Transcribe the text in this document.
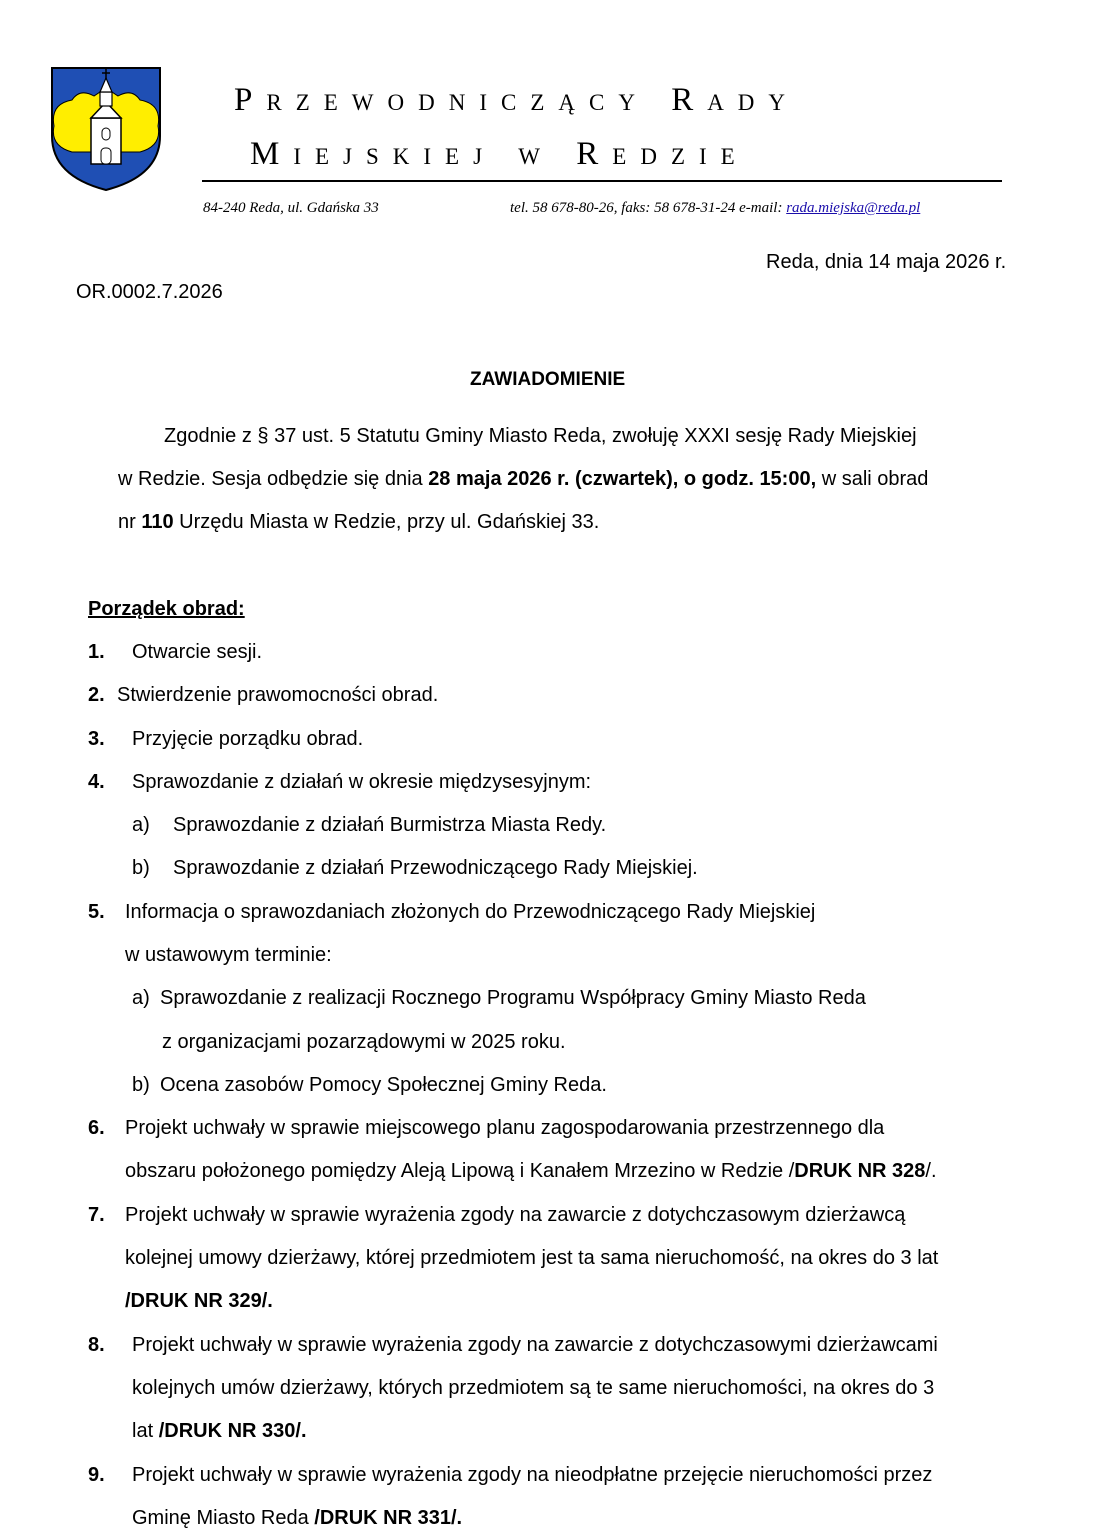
Przewodniczący Rady
Miejskiej w Redzie
84-240 Reda, ul. Gdańska 33	tel. 58 678-80-26, faks: 58 678-31-24 e-mail: rada.miejska@reda.pl
Reda, dnia 14 maja 2026 r.
OR.0002.7.2026
ZAWIADOMIENIE
Zgodnie z § 37 ust. 5 Statutu Gminy Miasto Reda, zwołuję XXXI sesję Rady Miejskiej
w Redzie. Sesja odbędzie się dnia 28 maja 2026 r. (czwartek), o godz. 15:00, w sali obrad
nr 110 Urzędu Miasta w Redzie, przy ul. Gdańskiej 33.
Porządek obrad:
1. Otwarcie sesji.
2. Stwierdzenie prawomocności obrad.
3. Przyjęcie porządku obrad.
4. Sprawozdanie z działań w okresie międzysesyjnym:
a) Sprawozdanie z działań Burmistrza Miasta Redy.
b) Sprawozdanie z działań Przewodniczącego Rady Miejskiej.
5. Informacja o sprawozdaniach złożonych do Przewodniczącego Rady Miejskiej
w ustawowym terminie:
a) Sprawozdanie z realizacji Rocznego Programu Współpracy Gminy Miasto Reda
z organizacjami pozarządowymi w 2025 roku.
b) Ocena zasobów Pomocy Społecznej Gminy Reda.
6. Projekt uchwały w sprawie miejscowego planu zagospodarowania przestrzennego dla
obszaru położonego pomiędzy Aleją Lipową i Kanałem Mrzezino w Redzie /DRUK NR 328/.
7. Projekt uchwały w sprawie wyrażenia zgody na zawarcie z dotychczasowym dzierżawcą
kolejnej umowy dzierżawy, której przedmiotem jest ta sama nieruchomość, na okres do 3 lat
/DRUK NR 329/.
8. Projekt uchwały w sprawie wyrażenia zgody na zawarcie z dotychczasowymi dzierżawcami
kolejnych umów dzierżawy, których przedmiotem są te same nieruchomości, na okres do 3
lat /DRUK NR 330/.
9. Projekt uchwały w sprawie wyrażenia zgody na nieodpłatne przejęcie nieruchomości przez
Gminę Miasto Reda /DRUK NR 331/.
